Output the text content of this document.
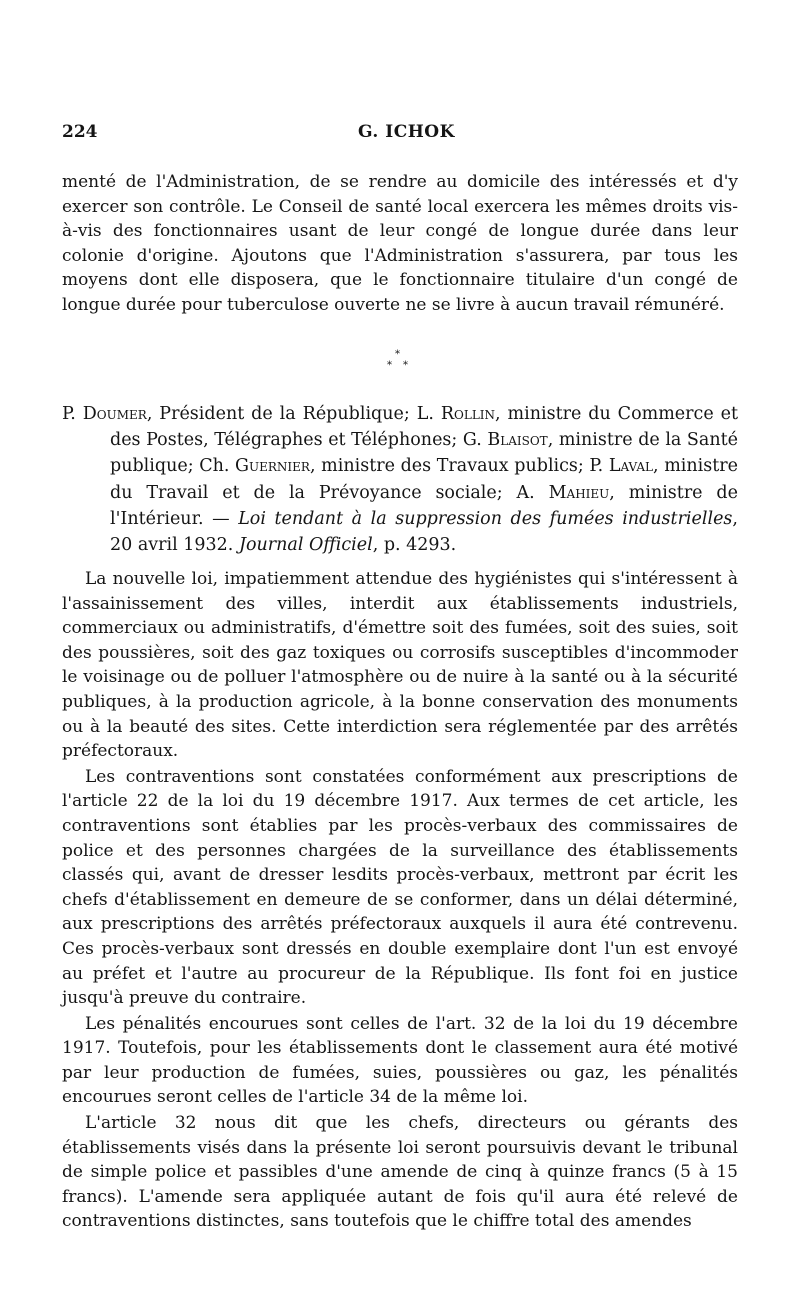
224	G. ICHOK

menté de l'Administration, de se rendre au domicile des intéressés et d'y exercer son contrôle. Le Conseil de santé local exercera les mêmes droits vis-à-vis des fonctionnaires usant de leur congé de longue durée dans leur colonie d'origine. Ajoutons que l'Administration s'assurera, par tous les moyens dont elle disposera, que le fonctionnaire titulaire d'un congé de longue durée pour tuberculose ouverte ne se livre à aucun travail rémunéré.

*
* *

P. Doumer, Président de la République; L. Rollin, ministre du Commerce et des Postes, Télégraphes et Téléphones; G. Blaisot, ministre de la Santé publique; Ch. Guernier, ministre des Travaux publics; P. Laval, ministre du Travail et de la Prévoyance sociale; A. Mahieu, ministre de l'Intérieur. — Loi tendant à la suppression des fumées industrielles, 20 avril 1932. Journal Officiel, p. 4293.

La nouvelle loi, impatiemment attendue des hygiénistes qui s'intéressent à l'assainissement des villes, interdit aux établissements industriels, commerciaux ou administratifs, d'émettre soit des fumées, soit des suies, soit des poussières, soit des gaz toxiques ou corrosifs susceptibles d'incommoder le voisinage ou de polluer l'atmosphère ou de nuire à la santé ou à la sécurité publiques, à la production agricole, à la bonne conservation des monuments ou à la beauté des sites. Cette interdiction sera réglementée par des arrêtés préfectoraux.

Les contraventions sont constatées conformément aux prescriptions de l'article 22 de la loi du 19 décembre 1917. Aux termes de cet article, les contraventions sont établies par les procès-verbaux des commissaires de police et des personnes chargées de la surveillance des établissements classés qui, avant de dresser lesdits procès-verbaux, mettront par écrit les chefs d'établissement en demeure de se conformer, dans un délai déterminé, aux prescriptions des arrêtés préfectoraux auxquels il aura été contrevenu. Ces procès-verbaux sont dressés en double exemplaire dont l'un est envoyé au préfet et l'autre au procureur de la République. Ils font foi en justice jusqu'à preuve du contraire.

Les pénalités encourues sont celles de l'art. 32 de la loi du 19 décembre 1917. Toutefois, pour les établissements dont le classement aura été motivé par leur production de fumées, suies, poussières ou gaz, les pénalités encourues seront celles de l'article 34 de la même loi.

L'article 32 nous dit que les chefs, directeurs ou gérants des établissements visés dans la présente loi seront poursuivis devant le tribunal de simple police et passibles d'une amende de cinq à quinze francs (5 à 15 francs). L'amende sera appliquée autant de fois qu'il aura été relevé de contraventions distinctes, sans toutefois que le chiffre total des amendes
